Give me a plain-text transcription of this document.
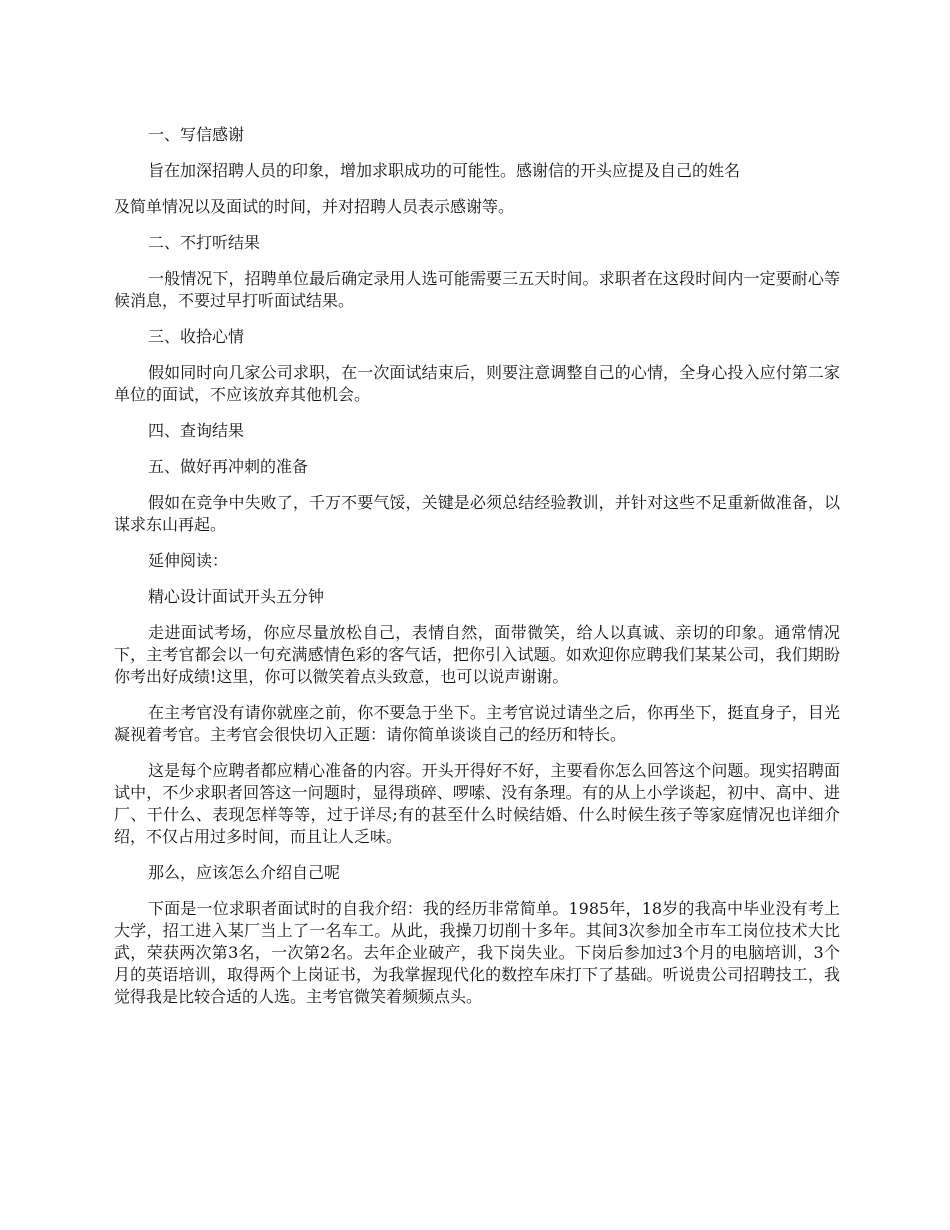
一、写信感谢

旨在加深招聘人员的印象，增加求职成功的可能性。感谢信的开头应提及自己的姓名

及简单情况以及面试的时间，并对招聘人员表示感谢等。

二、不打听结果

一般情况下，招聘单位最后确定录用人选可能需要三五天时间。求职者在这段时间内一定要耐心等候消息，不要过早打听面试结果。

三、收拾心情

假如同时向几家公司求职，在一次面试结束后，则要注意调整自己的心情，全身心投入应付第二家单位的面试，不应该放弃其他机会。

四、查询结果

五、做好再冲刺的准备

假如在竞争中失败了，千万不要气馁，关键是必须总结经验教训，并针对这些不足重新做准备，以谋求东山再起。

延伸阅读：

精心设计面试开头五分钟

走进面试考场，你应尽量放松自己，表情自然，面带微笑，给人以真诚、亲切的印象。通常情况下，主考官都会以一句充满感情色彩的客气话，把你引入试题。如欢迎你应聘我们某某公司，我们期盼你考出好成绩!这里，你可以微笑着点头致意，也可以说声谢谢。

在主考官没有请你就座之前，你不要急于坐下。主考官说过请坐之后，你再坐下，挺直身子，目光凝视着考官。主考官会很快切入正题：请你简单谈谈自己的经历和特长。

这是每个应聘者都应精心准备的内容。开头开得好不好，主要看你怎么回答这个问题。现实招聘面试中，不少求职者回答这一问题时，显得琐碎、啰嗦、没有条理。有的从上小学谈起，初中、高中、进厂、干什么、表现怎样等等，过于详尽;有的甚至什么时候结婚、什么时候生孩子等家庭情况也详细介绍，不仅占用过多时间，而且让人乏味。

那么，应该怎么介绍自己呢

下面是一位求职者面试时的自我介绍：我的经历非常简单。1985年，18岁的我高中毕业没有考上大学，招工进入某厂当上了一名车工。从此，我操刀切削十多年。其间3次参加全市车工岗位技术大比武，荣获两次第3名，一次第2名。去年企业破产，我下岗失业。下岗后参加过3个月的电脑培训，3个月的英语培训，取得两个上岗证书，为我掌握现代化的数控车床打下了基础。听说贵公司招聘技工，我觉得我是比较合适的人选。主考官微笑着频频点头。
